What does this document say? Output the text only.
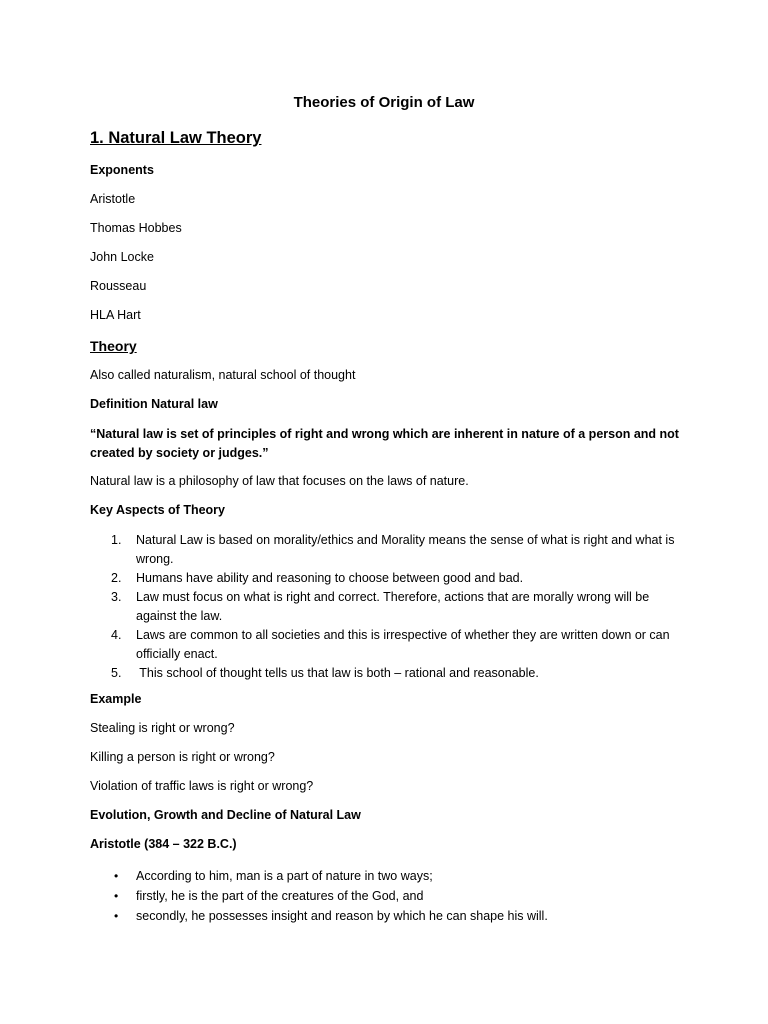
Theories of Origin of Law
1. Natural Law Theory
Exponents
Aristotle
Thomas Hobbes
John Locke
Rousseau
HLA Hart
Theory
Also called naturalism, natural school of thought
Definition Natural law
“Natural law is set of principles of right and wrong which are inherent in nature of a person and not created by society or judges.”
Natural law is a philosophy of law that focuses on the laws of nature.
Key Aspects of Theory
1. Natural Law is based on morality/ethics and Morality means the sense of what is right and what is wrong.
2. Humans have ability and reasoning to choose between good and bad.
3. Law must focus on what is right and correct. Therefore, actions that are morally wrong will be against the law.
4. Laws are common to all societies and this is irrespective of whether they are written down or can officially enact.
5. This school of thought tells us that law is both – rational and reasonable.
Example
Stealing is right or wrong?
Killing a person is right or wrong?
Violation of traffic laws is right or wrong?
Evolution, Growth and Decline of Natural Law
Aristotle (384 – 322 B.C.)
• According to him, man is a part of nature in two ways;
• firstly, he is the part of the creatures of the God, and
• secondly, he possesses insight and reason by which he can shape his will.
